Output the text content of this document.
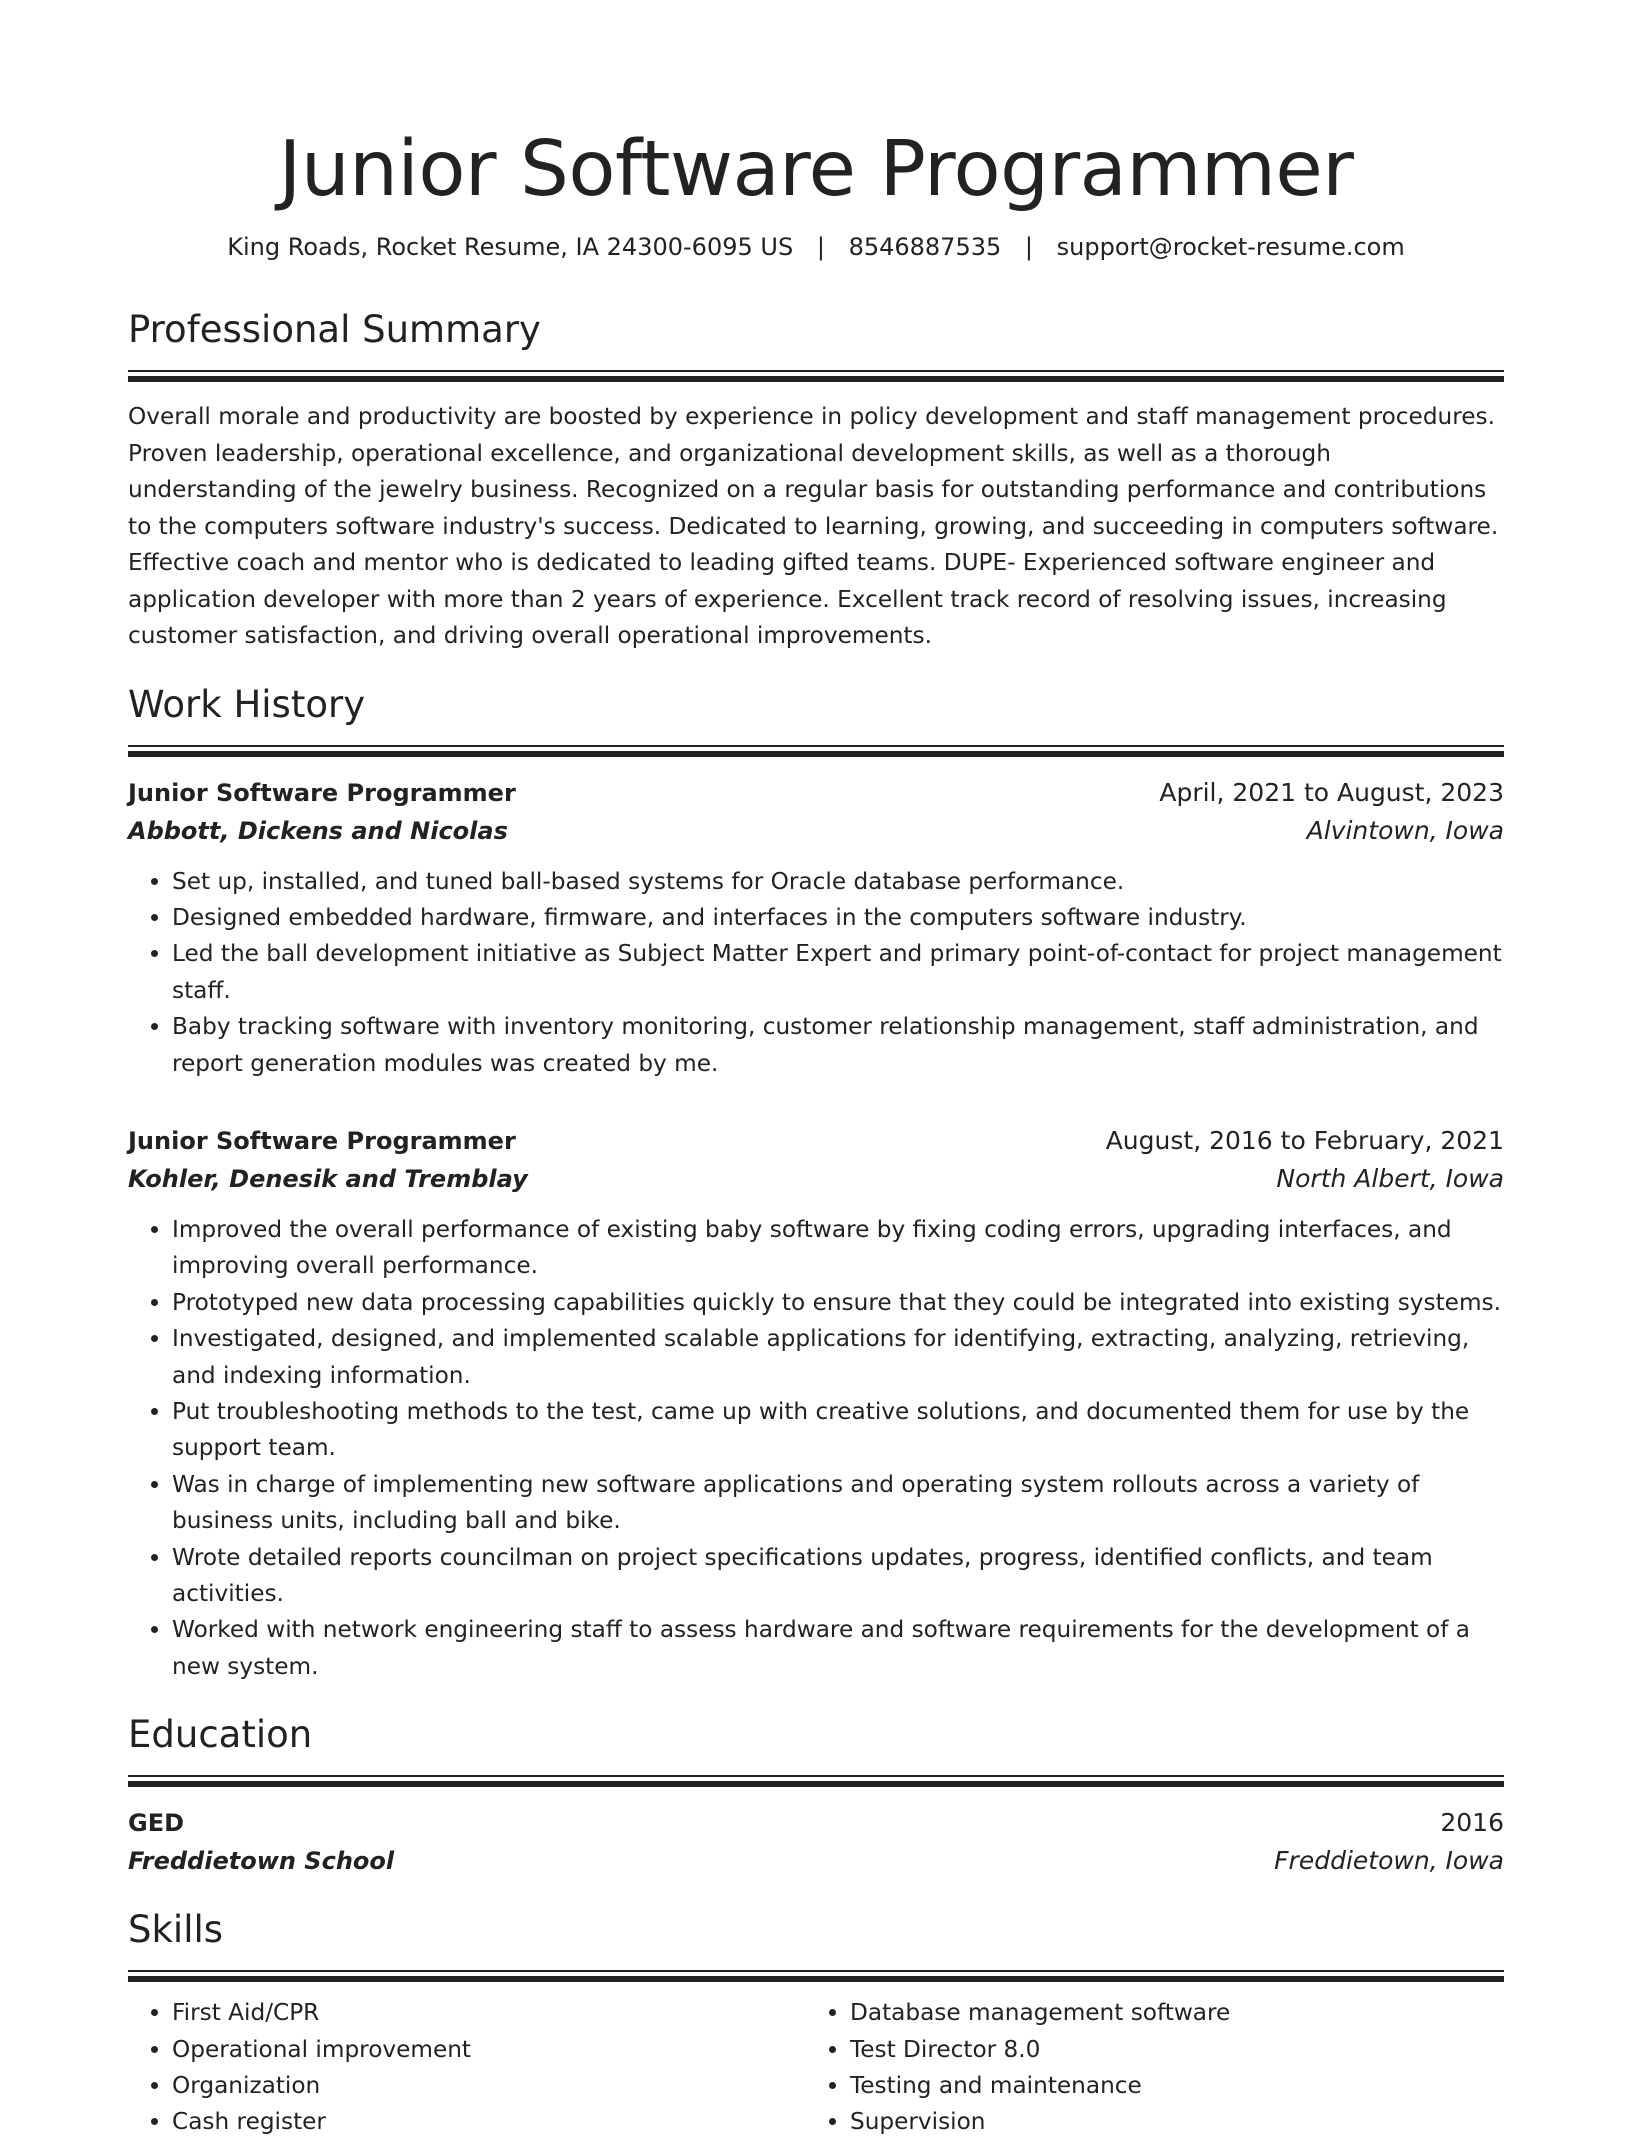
Junior Software Programmer
King Roads, Rocket Resume, IA 24300-6095 US | 8546887535 | support@rocket-resume.com
Professional Summary
Overall morale and productivity are boosted by experience in policy development and staff management procedures. Proven leadership, operational excellence, and organizational development skills, as well as a thorough understanding of the jewelry business. Recognized on a regular basis for outstanding performance and contributions to the computers software industry's success. Dedicated to learning, growing, and succeeding in computers software. Effective coach and mentor who is dedicated to leading gifted teams. DUPE- Experienced software engineer and application developer with more than 2 years of experience. Excellent track record of resolving issues, increasing customer satisfaction, and driving overall operational improvements.
Work History
Junior Software Programmer	April, 2021 to August, 2023
Abbott, Dickens and Nicolas	Alvintown, Iowa
• Set up, installed, and tuned ball-based systems for Oracle database performance.
• Designed embedded hardware, firmware, and interfaces in the computers software industry.
• Led the ball development initiative as Subject Matter Expert and primary point-of-contact for project management staff.
• Baby tracking software with inventory monitoring, customer relationship management, staff administration, and report generation modules was created by me.
Junior Software Programmer	August, 2016 to February, 2021
Kohler, Denesik and Tremblay	North Albert, Iowa
• Improved the overall performance of existing baby software by fixing coding errors, upgrading interfaces, and improving overall performance.
• Prototyped new data processing capabilities quickly to ensure that they could be integrated into existing systems.
• Investigated, designed, and implemented scalable applications for identifying, extracting, analyzing, retrieving, and indexing information.
• Put troubleshooting methods to the test, came up with creative solutions, and documented them for use by the support team.
• Was in charge of implementing new software applications and operating system rollouts across a variety of business units, including ball and bike.
• Wrote detailed reports councilman on project specifications updates, progress, identified conflicts, and team activities.
• Worked with network engineering staff to assess hardware and software requirements for the development of a new system.
Education
GED	2016
Freddietown School	Freddietown, Iowa
Skills
• First Aid/CPR
• Operational improvement
• Organization
• Cash register
• Database management software
• Test Director 8.0
• Testing and maintenance
• Supervision
